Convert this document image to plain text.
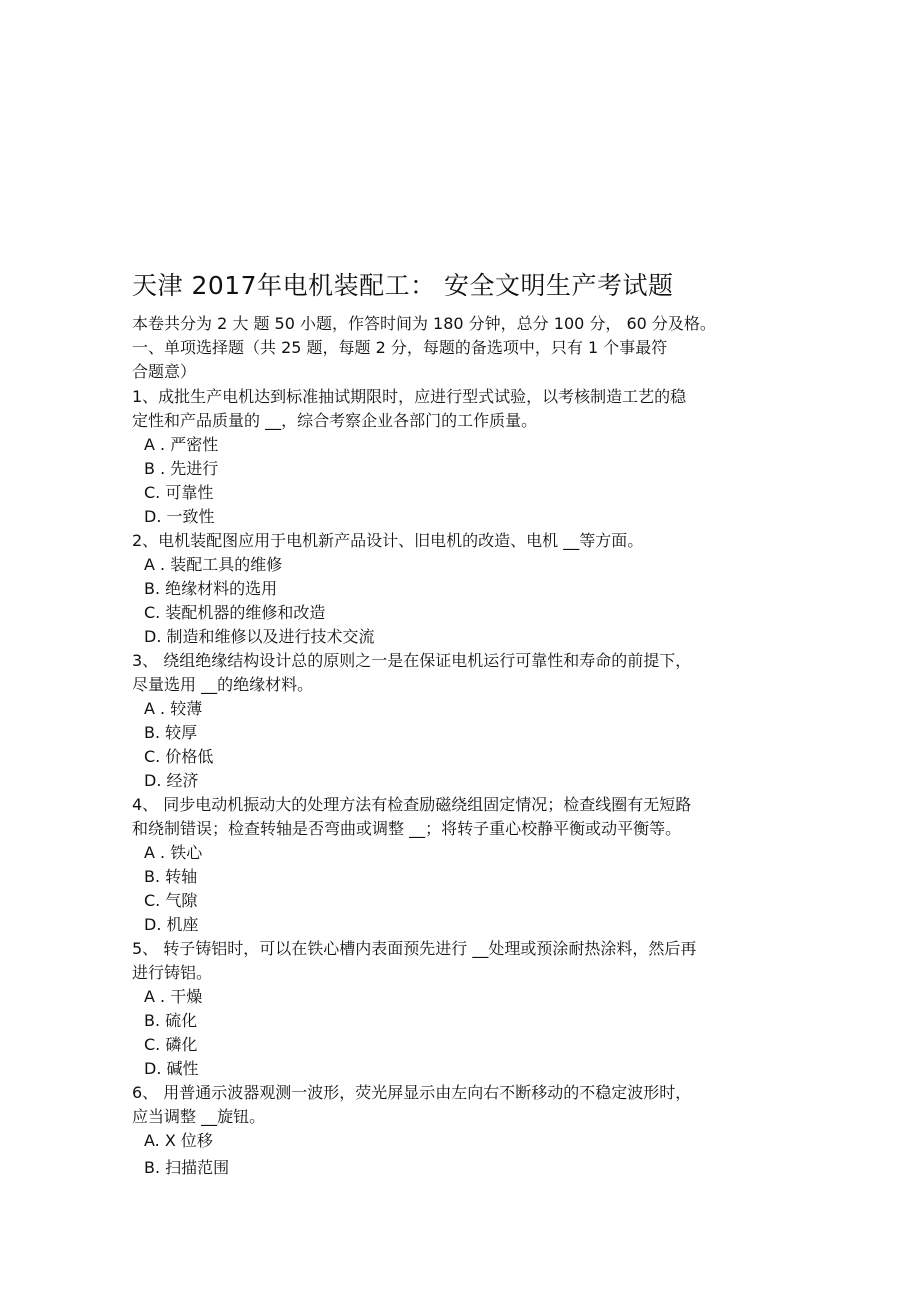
天津 2017年电机装配工： 安全文明生产考试题
本卷共分为 2 大 题 50 小题，作答时间为 180 分钟，总分 100 分， 60 分及格。
一、单项选择题（共 25 题，每题 2 分，每题的备选项中，只有 1 个事最符
合题意）
1、成批生产电机达到标准抽试期限时，应进行型式试验，以考核制造工艺的稳
定性和产品质量的 __，综合考察企业各部门的工作质量。
A . 严密性
B . 先进行
C. 可靠性
D. 一致性
2、电机装配图应用于电机新产品设计、旧电机的改造、电机 __等方面。
A . 装配工具的维修
B. 绝缘材料的选用
C. 装配机器的维修和改造
D. 制造和维修以及进行技术交流
3、 绕组绝缘结构设计总的原则之一是在保证电机运行可靠性和寿命的前提下，
尽量选用 __的绝缘材料。
A . 较薄
B. 较厚
C. 价格低
D. 经济
4、 同步电动机振动大的处理方法有检查励磁绕组固定情况；检查线圈有无短路
和绕制错误；检查转轴是否弯曲或调整 __；将转子重心校静平衡或动平衡等。
A . 铁心
B. 转轴
C. 气隙
D. 机座
5、 转子铸铝时，可以在铁心槽内表面预先进行 __处理或预涂耐热涂料，然后再
进行铸铝。
A . 干燥
B. 硫化
C. 磷化
D. 碱性
6、 用普通示波器观测一波形，荧光屏显示由左向右不断移动的不稳定波形时，
应当调整 __旋钮。
A. X 位移
B. 扫描范围
